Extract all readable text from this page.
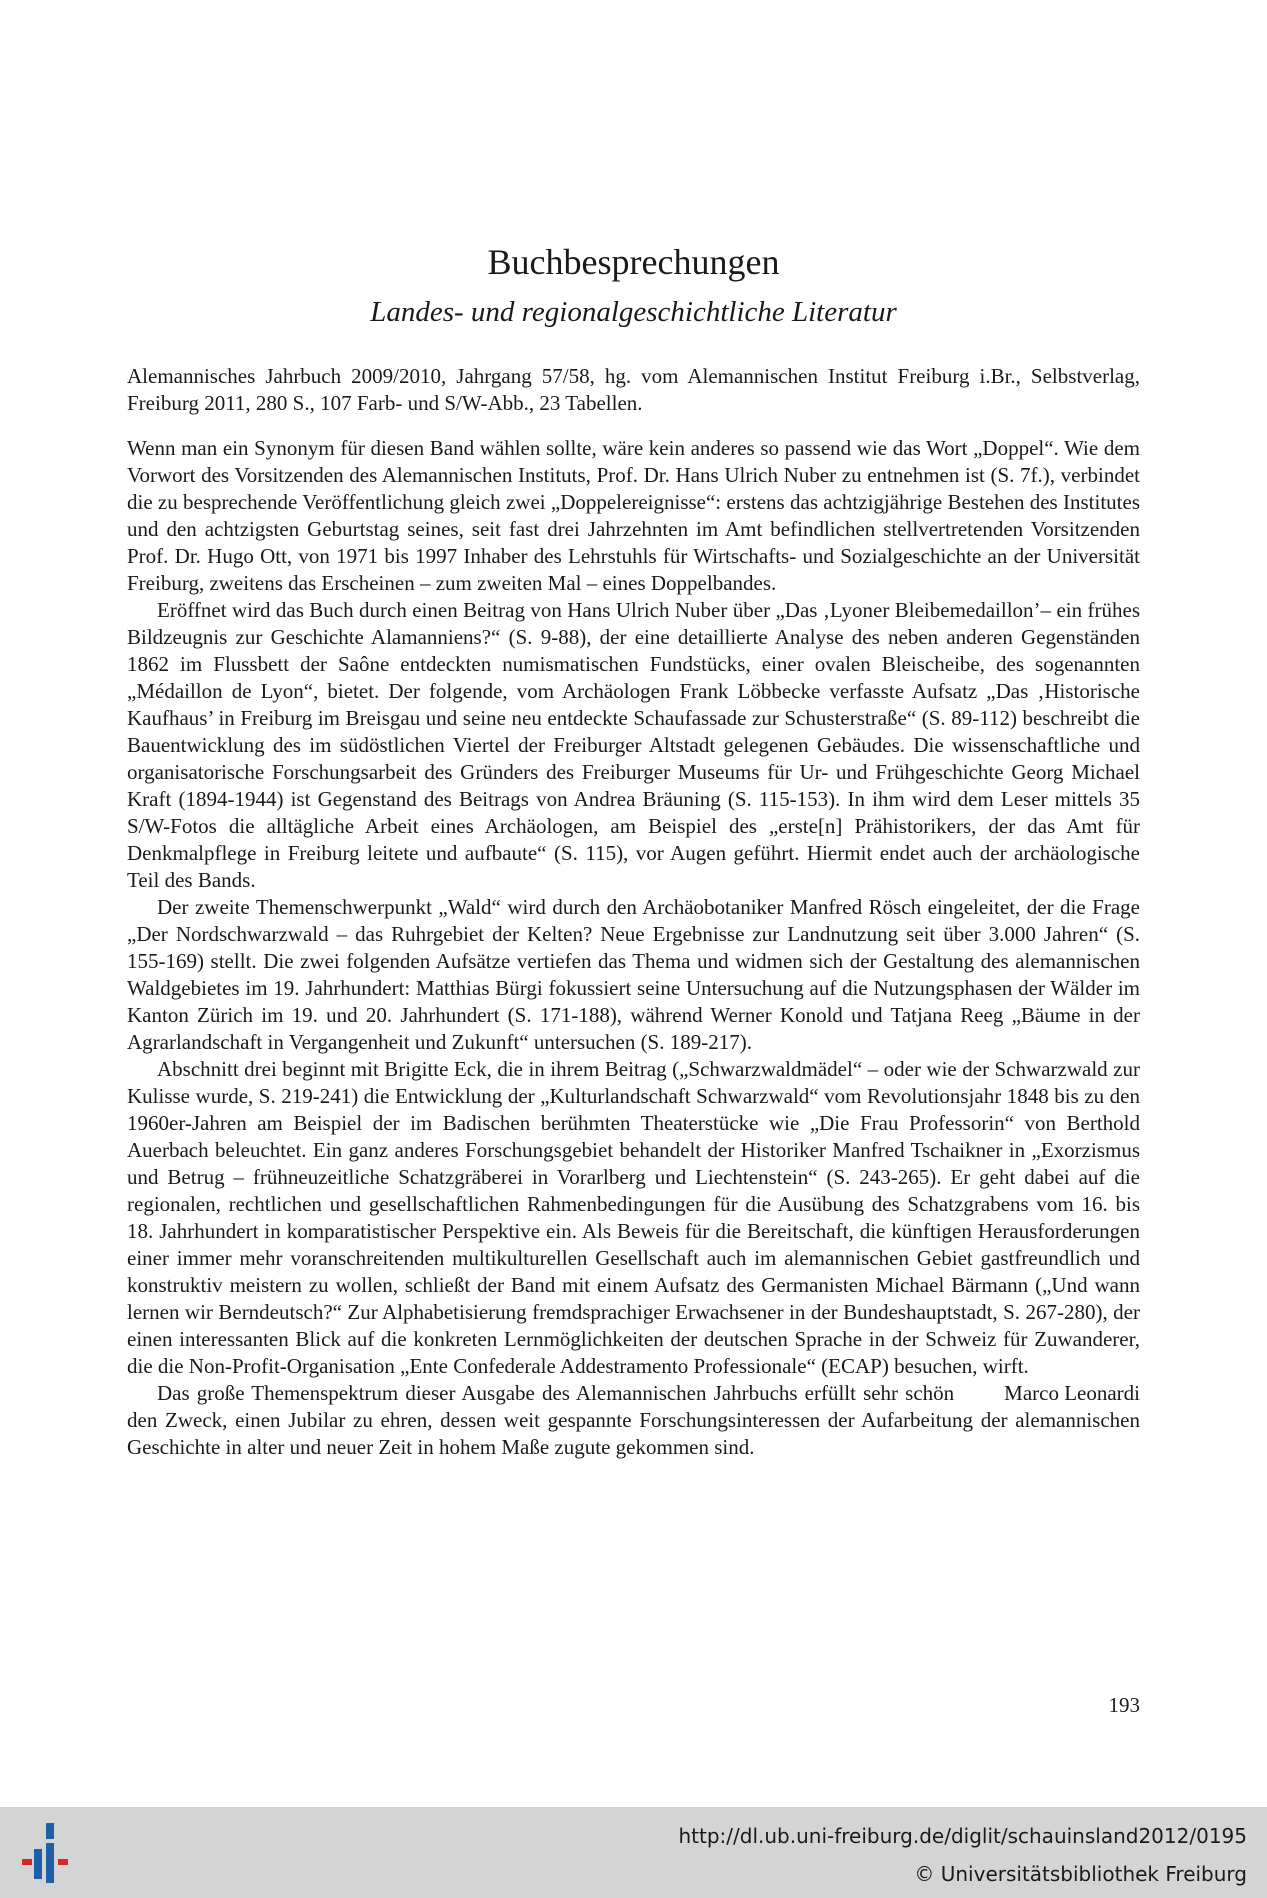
Buchbesprechungen
Landes- und regionalgeschichtliche Literatur

Alemannisches Jahrbuch 2009/2010, Jahrgang 57/58, hg. vom Alemannischen Institut Freiburg i.Br., Selbstverlag, Freiburg 2011, 280 S., 107 Farb- und S/W-Abb., 23 Tabellen.

Wenn man ein Synonym für diesen Band wählen sollte, wäre kein anderes so passend wie das Wort „Doppel“. Wie dem Vorwort des Vorsitzenden des Alemannischen Instituts, Prof. Dr. Hans Ulrich Nuber zu entnehmen ist (S. 7f.), verbindet die zu besprechende Veröffentlichung gleich zwei „Doppelereignisse“: erstens das achtzigjährige Bestehen des Institutes und den achtzigsten Geburtstag seines, seit fast drei Jahrzehnten im Amt befindlichen stellvertretenden Vorsitzenden Prof. Dr. Hugo Ott, von 1971 bis 1997 Inhaber des Lehrstuhls für Wirtschafts- und Sozialgeschichte an der Universität Freiburg, zweitens das Erscheinen – zum zweiten Mal – eines Doppelbandes.

Eröffnet wird das Buch durch einen Beitrag von Hans Ulrich Nuber über „Das ‚Lyoner Bleibemedaillon’– ein frühes Bildzeugnis zur Geschichte Alamanniens?“ (S. 9-88), der eine detaillierte Analyse des neben anderen Gegenständen 1862 im Flussbett der Saône entdeckten numismatischen Fundstücks, einer ovalen Bleischeibe, des sogenannten „Médaillon de Lyon“, bietet. Der folgende, vom Archäologen Frank Löbbecke verfasste Aufsatz „Das ‚Historische Kaufhaus’ in Freiburg im Breisgau und seine neu entdeckte Schaufassade zur Schusterstraße“ (S. 89-112) beschreibt die Bauentwicklung des im südöstlichen Viertel der Freiburger Altstadt gelegenen Gebäudes. Die wissenschaftliche und organisatorische Forschungsarbeit des Gründers des Freiburger Museums für Ur- und Frühgeschichte Georg Michael Kraft (1894-1944) ist Gegenstand des Beitrags von Andrea Bräuning (S. 115-153). In ihm wird dem Leser mittels 35 S/W-Fotos die alltägliche Arbeit eines Archäologen, am Beispiel des „erste[n] Prähistorikers, der das Amt für Denkmalpflege in Freiburg leitete und aufbaute“ (S. 115), vor Augen geführt. Hiermit endet auch der archäologische Teil des Bands.

Der zweite Themenschwerpunkt „Wald“ wird durch den Archäobotaniker Manfred Rösch eingeleitet, der die Frage „Der Nordschwarzwald – das Ruhrgebiet der Kelten? Neue Ergebnisse zur Landnutzung seit über 3.000 Jahren“ (S. 155-169) stellt. Die zwei folgenden Aufsätze vertiefen das Thema und widmen sich der Gestaltung des alemannischen Waldgebietes im 19. Jahrhundert: Matthias Bürgi fokussiert seine Untersuchung auf die Nutzungsphasen der Wälder im Kanton Zürich im 19. und 20. Jahrhundert (S. 171-188), während Werner Konold und Tatjana Reeg „Bäume in der Agrarlandschaft in Vergangenheit und Zukunft“ untersuchen (S. 189-217).

Abschnitt drei beginnt mit Brigitte Eck, die in ihrem Beitrag („Schwarzwaldmädel“ – oder wie der Schwarzwald zur Kulisse wurde, S. 219-241) die Entwicklung der „Kulturlandschaft Schwarzwald“ vom Revolutionsjahr 1848 bis zu den 1960er-Jahren am Beispiel der im Badischen berühmten Theaterstücke wie „Die Frau Professorin“ von Berthold Auerbach beleuchtet. Ein ganz anderes Forschungsgebiet behandelt der Historiker Manfred Tschaikner in „Exorzismus und Betrug – frühneuzeitliche Schatzgräberei in Vorarlberg und Liechtenstein“ (S. 243-265). Er geht dabei auf die regionalen, rechtlichen und gesellschaftlichen Rahmenbedingungen für die Ausübung des Schatzgrabens vom 16. bis 18. Jahrhundert in komparatistischer Perspektive ein. Als Beweis für die Bereitschaft, die künftigen Herausforderungen einer immer mehr voranschreitenden multikulturellen Gesellschaft auch im alemannischen Gebiet gastfreundlich und konstruktiv meistern zu wollen, schließt der Band mit einem Aufsatz des Germanisten Michael Bärmann („Und wann lernen wir Berndeutsch?“ Zur Alphabetisierung fremdsprachiger Erwachsener in der Bundeshauptstadt, S. 267-280), der einen interessanten Blick auf die konkreten Lernmöglichkeiten der deutschen Sprache in der Schweiz für Zuwanderer, die die Non-Profit-Organisation „Ente Confederale Addestramento Professionale“ (ECAP) besuchen, wirft.

Marco Leonardi
Das große Themenspektrum dieser Ausgabe des Alemannischen Jahrbuchs erfüllt sehr schön den Zweck, einen Jubilar zu ehren, dessen weit gespannte Forschungsinteressen der Aufarbeitung der alemannischen Geschichte in alter und neuer Zeit in hohem Maße zugute gekommen sind.

193
http://dl.ub.uni-freiburg.de/diglit/schauinsland2012/0195
© Universitätsbibliothek Freiburg
